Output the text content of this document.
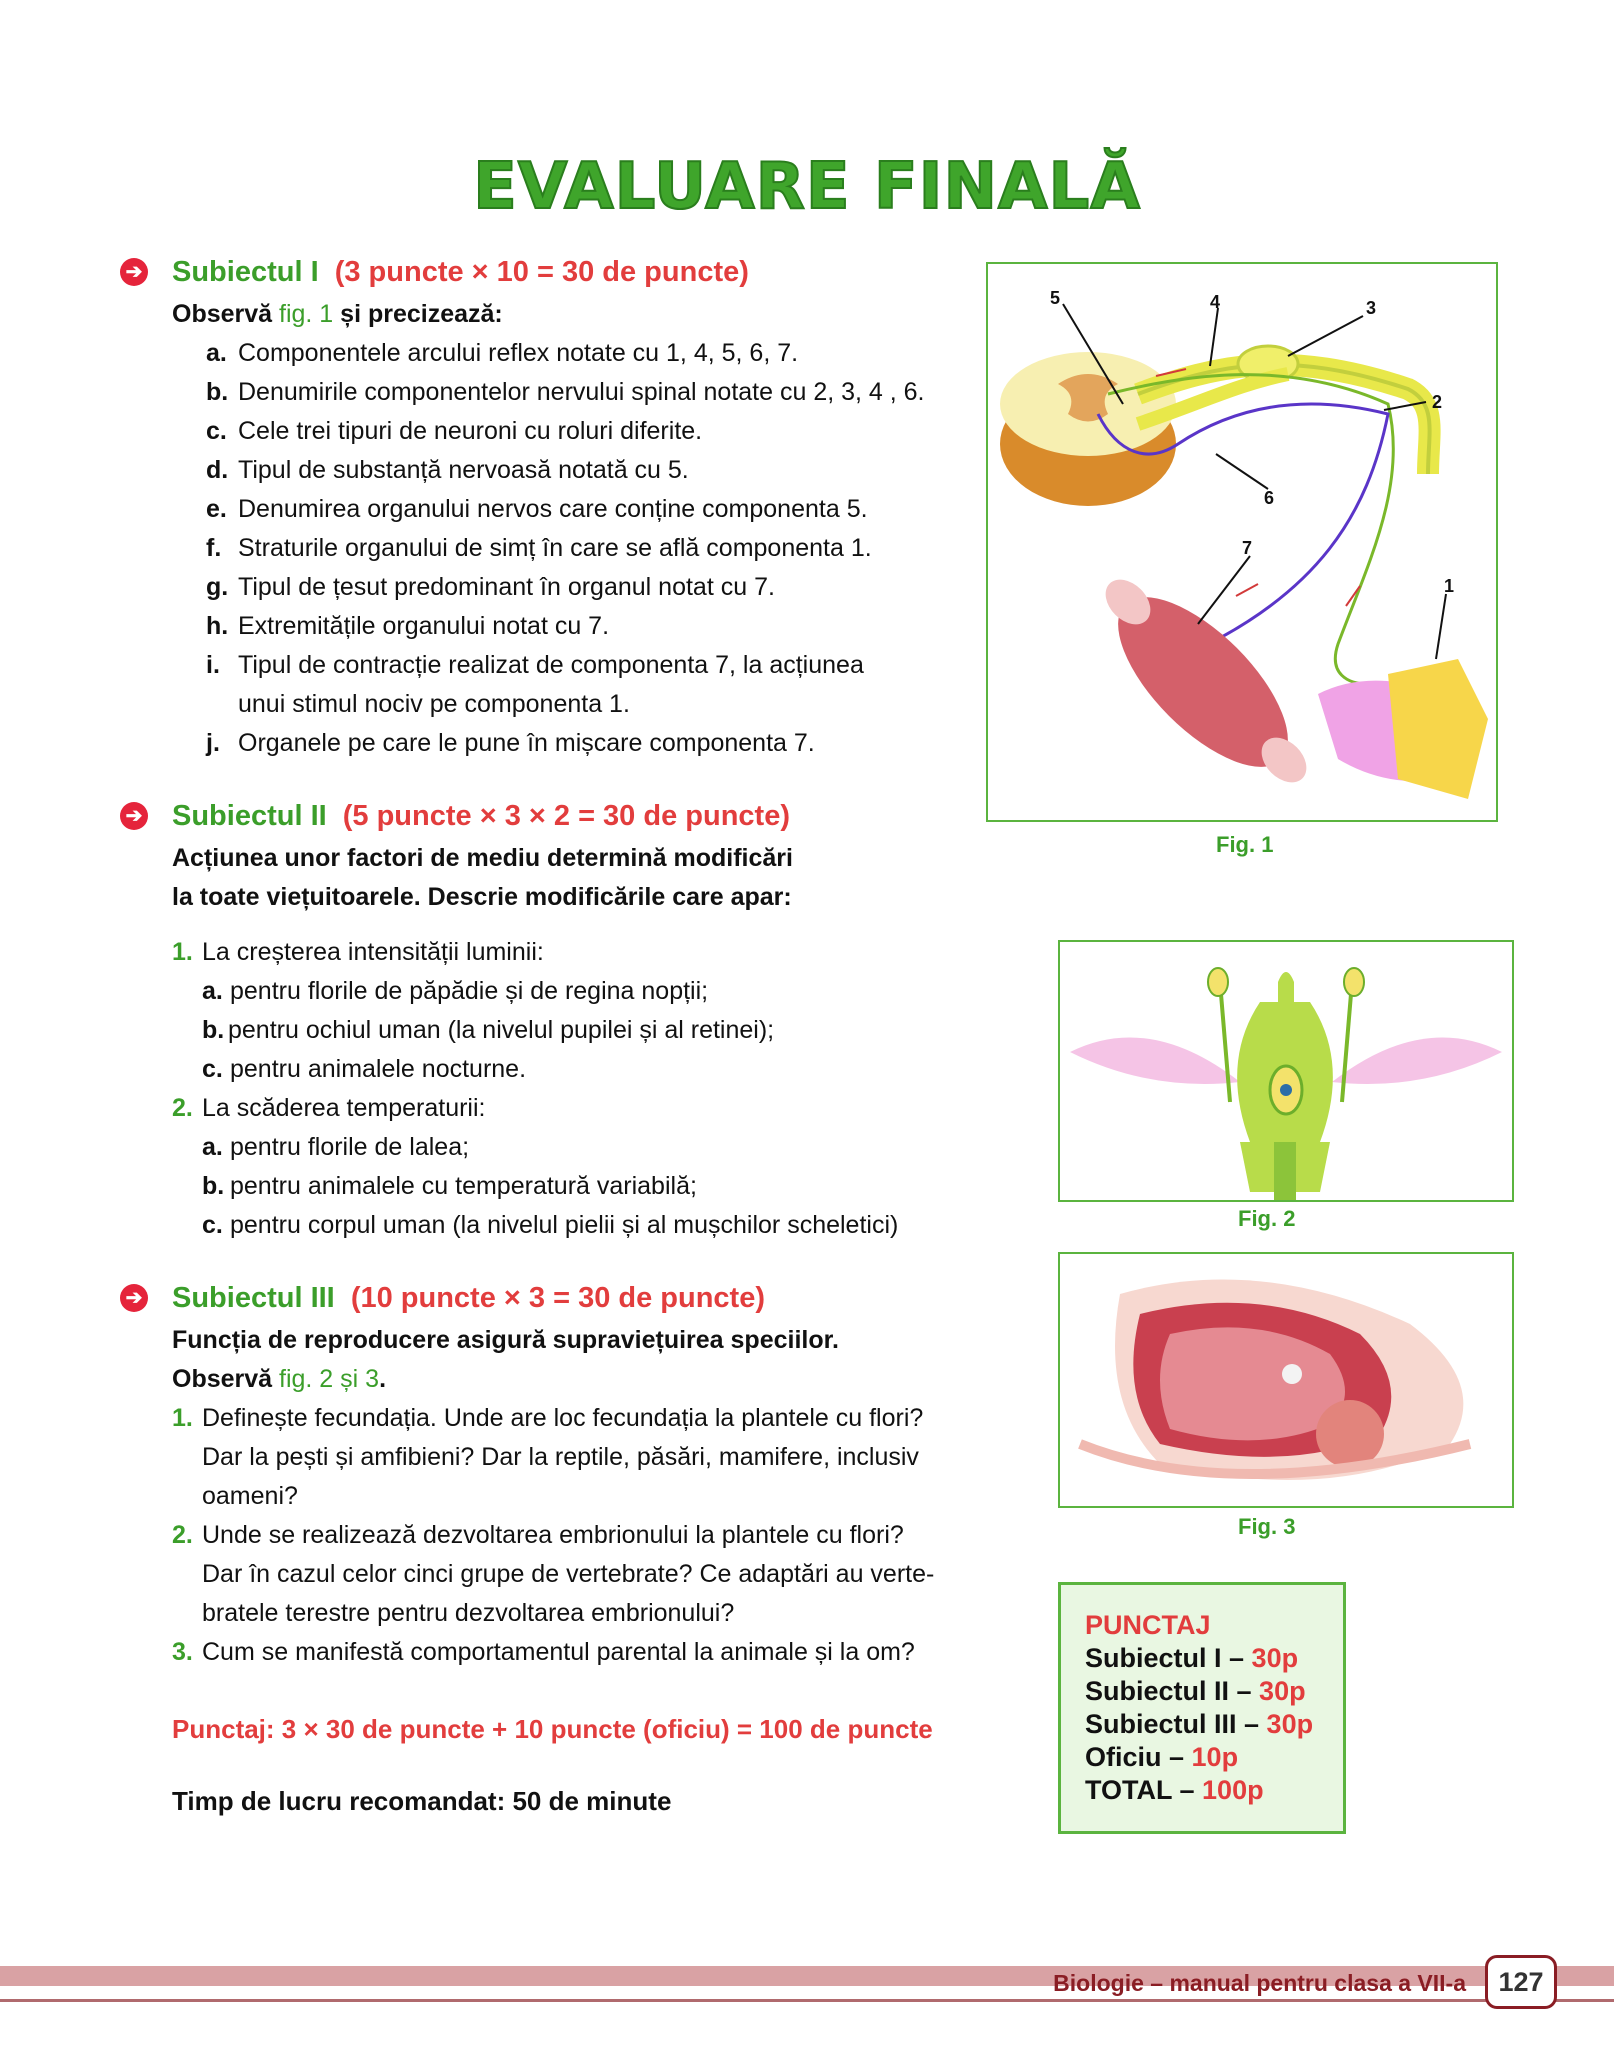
EVALUARE FINALĂ
➔ Subiectul I (3 puncte × 10 = 30 de puncte)
Observă fig. 1 și precizează:
a. Componentele arcului reflex notate cu 1, 4, 5, 6, 7.
b. Denumirile componentelor nervului spinal notate cu 2, 3, 4 , 6.
c. Cele trei tipuri de neuroni cu roluri diferite.
d. Tipul de substanță nervoasă notată cu 5.
e. Denumirea organului nervos care conține componenta 5.
f. Straturile organului de simț în care se află componenta 1.
g. Tipul de țesut predominant în organul notat cu 7.
h. Extremitățile organului notat cu 7.
i. Tipul de contracție realizat de componenta 7, la acțiunea
unui stimul nociv pe componenta 1.
j. Organele pe care le pune în mișcare componenta 7.
➔ Subiectul II (5 puncte × 3 × 2 = 30 de puncte)
Acțiunea unor factori de mediu determină modificări
la toate viețuitoarele. Descrie modificările care apar:
1. La creșterea intensității luminii:
a. pentru florile de păpădie și de regina nopții;
b. pentru ochiul uman (la nivelul pupilei și al retinei);
c. pentru animalele nocturne.
2. La scăderea temperaturii:
a. pentru florile de lalea;
b. pentru animalele cu temperatură variabilă;
c. pentru corpul uman (la nivelul pielii și al mușchilor scheletici)
➔ Subiectul III (10 puncte × 3 = 30 de puncte)
Funcția de reproducere asigură supraviețuirea speciilor.
Observă fig. 2 și 3.
1. Definește fecundația. Unde are loc fecundația la plantele cu flori?
Dar la pești și amfibieni? Dar la reptile, păsări, mamifere, inclusiv
oameni?
2. Unde se realizează dezvoltarea embrionului la plantele cu flori?
Dar în cazul celor cinci grupe de vertebrate? Ce adaptări au verte-
bratele terestre pentru dezvoltarea embrionului?
3. Cum se manifestă comportamentul parental la animale și la om?
Punctaj: 3 × 30 de puncte + 10 puncte (oficiu) = 100 de puncte
Timp de lucru recomandat: 50 de minute
5	4	3
2
6
7
1
Fig. 1
Fig. 2
Fig. 3
PUNCTAJ
Subiectul I – 30p
Subiectul II – 30p
Subiectul III – 30p
Oficiu – 10p
TOTAL – 100p
Biologie – manual pentru clasa a VII-a	127
